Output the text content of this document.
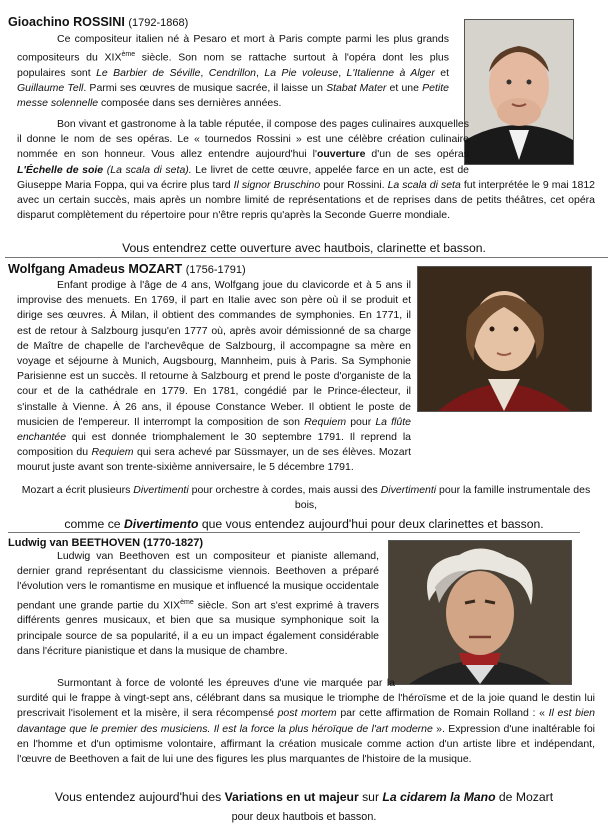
Gioachino ROSSINI (1792-1868)

Ce compositeur italien né à Pesaro et mort à Paris compte parmi les plus grands compositeurs du XIXème siècle. Son nom se rattache surtout à l'opéra dont les plus populaires sont Le Barbier de Séville, Cendrillon, La Pie voleuse, L'Italienne à Alger et Guillaume Tell. Parmi ses œuvres de musique sacrée, il laisse un Stabat Mater et une Petite messe solennelle composée dans ses dernières années.

Bon vivant et gastronome à la table réputée, il compose des pages culinaires auxquelles il donne le nom de ses opéras. Le « tournedos Rossini » est une célèbre création culinaire nommée en son honneur. Vous allez entendre aujourd'hui l'ouverture d'un de ses opéras L'Échelle de soie (La scala di seta). Le livret de cette œuvre, appelée farce en un acte, est de Giuseppe Maria Foppa, qui va écrire plus tard Il signor Bruschino pour Rossini. La scala di seta fut interprétée le 9 mai 1812 avec un certain succès, mais après un nombre limité de représentations et de reprises dans de petits théâtres, cet opéra disparut complètement du répertoire pour n'être repris qu'après la Seconde Guerre mondiale.

Vous entendrez cette ouverture avec hautbois, clarinette et basson.
Wolfgang Amadeus MOZART (1756-1791)

Enfant prodige à l'âge de 4 ans, Wolfgang joue du clavicorde et à 5 ans il improvise des menuets. En 1769, il part en Italie avec son père où il se produit et dirige ses œuvres. À Milan, il obtient des commandes de symphonies. En 1771, il est de retour à Salzbourg jusqu'en 1777 où, après avoir démissionné de sa charge de Maître de chapelle de l'archevêque de Salzbourg, il accompagne sa mère en voyage et séjourne à Munich, Augsbourg, Mannheim, puis à Paris. Sa Symphonie Parisienne est un succès. Il retourne à Salzbourg et prend le poste d'organiste de la cour et de la cathédrale en 1779. En 1781, congédié par le Prince-électeur, il s'installe à Vienne. À 26 ans, il épouse Constance Weber. Il obtient le poste de musicien de l'empereur. Il interrompt la composition de son Requiem pour La flûte enchantée qui est donnée triomphalement le 30 septembre 1791. Il reprend la composition du Requiem qui sera achevé par Süssmayer, un de ses élèves. Mozart mourut juste avant son trente-sixième anniversaire, le 5 décembre 1791.

Mozart a écrit plusieurs Divertimenti pour orchestre à cordes, mais aussi des Divertimenti pour la famille instrumentale des bois,

comme ce Divertimento que vous entendez aujourd'hui pour deux clarinettes et basson.
Ludwig van BEETHOVEN (1770-1827)

Ludwig van Beethoven est un compositeur et pianiste allemand, dernier grand représentant du classicisme viennois. Beethoven a préparé l'évolution vers le romantisme en musique et influencé la musique occidentale pendant une grande partie du XIXème siècle. Son art s'est exprimé à travers différents genres musicaux, et bien que sa musique symphonique soit la principale source de sa popularité, il a eu un impact également considérable dans l'écriture pianistique et dans la musique de chambre.

Surmontant à force de volonté les épreuves d'une vie marquée par la surdité qui le frappe à vingt-sept ans, célébrant dans sa musique le triomphe de l'héroïsme et de la joie quand le destin lui prescrivait l'isolement et la misère, il sera récompensé post mortem par cette affirmation de Romain Rolland : « Il est bien davantage que le premier des musiciens. Il est la force la plus héroïque de l'art moderne ». Expression d'une inaltérable foi en l'homme et d'un optimisme volontaire, affirmant la création musicale comme action d'un artiste libre et indépendant, l'œuvre de Beethoven a fait de lui une des figures les plus marquantes de l'histoire de la musique.

Vous entendez aujourd'hui des Variations en ut majeur sur La cidarem la Mano de Mozart
pour deux hautbois et basson.
